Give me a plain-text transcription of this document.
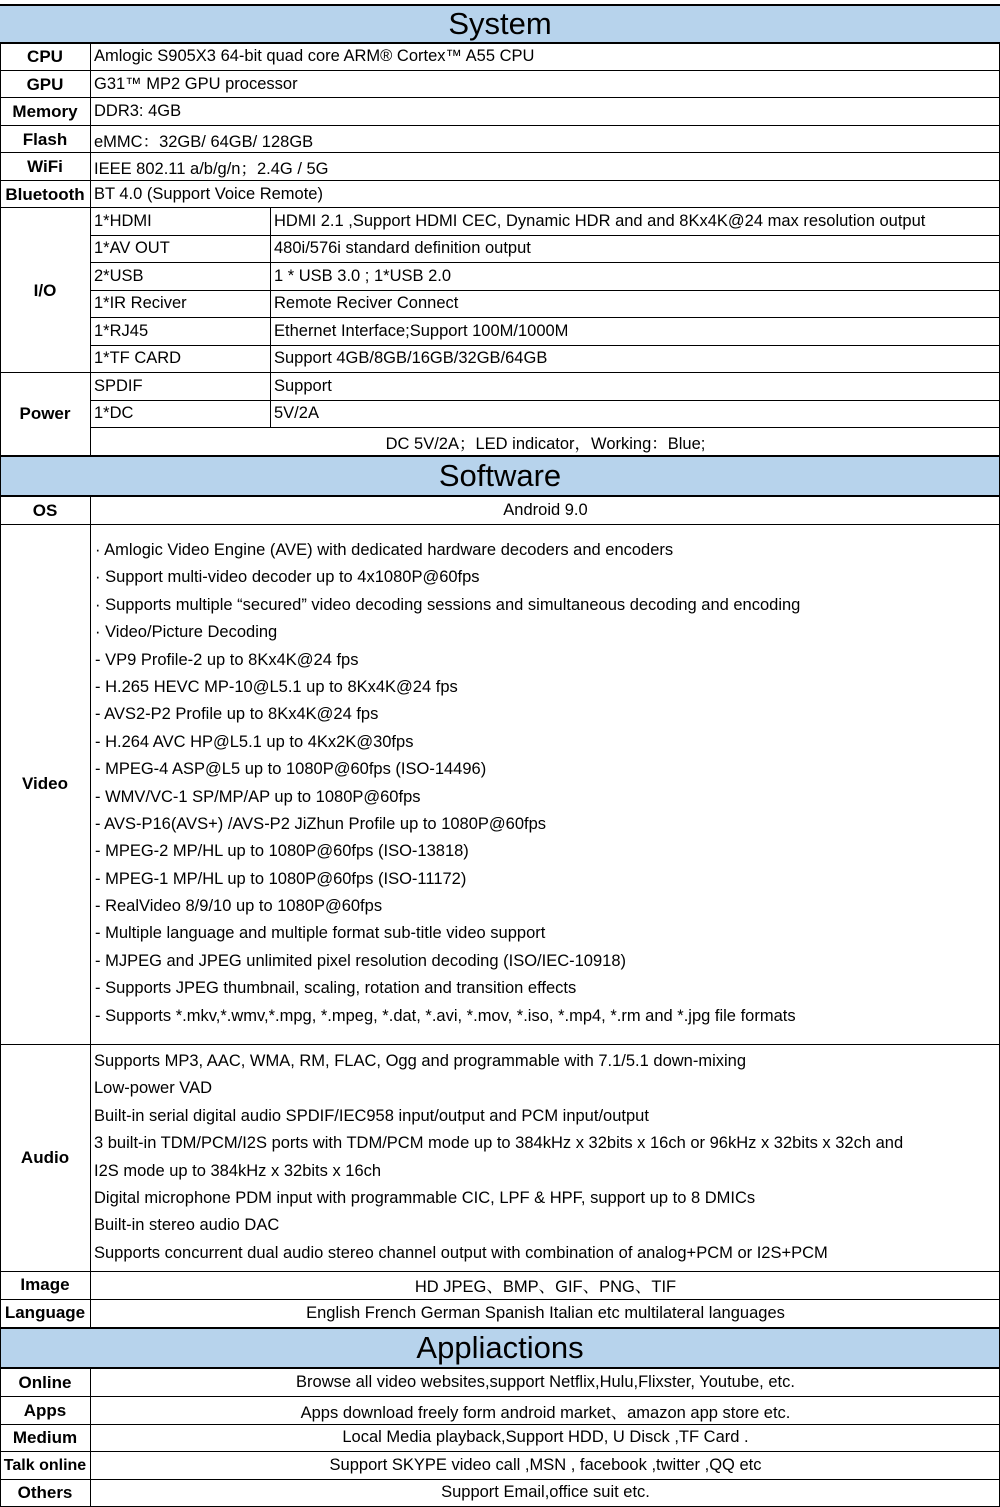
System
CPU	Amlogic S905X3 64-bit quad core ARM® Cortex™ A55 CPU
GPU	G31™ MP2 GPU processor
Memory DDR3: 4GB
Flash	eMMC：32GB/ 64GB/ 128GB
WiFi	IEEE 802.11 a/b/g/n；2.4G / 5G
Bluetooth BT 4.0 (Support Voice Remote)
I/O
1*HDMI	HDMI 2.1 ,Support HDMI CEC, Dynamic HDR and and 8Kx4K@24 max resolution output
1*AV OUT	480i/576i standard definition output
2*USB	1 * USB 3.0 ; 1*USB 2.0
1*IR Reciver	Remote Reciver Connect
1*RJ45	Ethernet Interface;Support 100M/1000M
1*TF CARD	Support 4GB/8GB/16GB/32GB/64GB
Power
SPDIF	Support
1*DC	5V/2A
DC 5V/2A；LED indicator，Working：Blue;
Software
OS	Android 9.0
Video
· Amlogic Video Engine (AVE) with dedicated hardware decoders and encoders
· Support multi-video decoder up to 4x1080P@60fps
· Supports multiple “secured” video decoding sessions and simultaneous decoding and encoding
· Video/Picture Decoding
- VP9 Profile-2 up to 8Kx4K@24 fps
- H.265 HEVC MP-10@L5.1 up to 8Kx4K@24 fps
- AVS2-P2 Profile up to 8Kx4K@24 fps
- H.264 AVC HP@L5.1 up to 4Kx2K@30fps
- MPEG-4 ASP@L5 up to 1080P@60fps (ISO-14496)
- WMV/VC-1 SP/MP/AP up to 1080P@60fps
- AVS-P16(AVS+) /AVS-P2 JiZhun Profile up to 1080P@60fps
- MPEG-2 MP/HL up to 1080P@60fps (ISO-13818)
- MPEG-1 MP/HL up to 1080P@60fps (ISO-11172)
- RealVideo 8/9/10 up to 1080P@60fps
- Multiple language and multiple format sub-title video support
- MJPEG and JPEG unlimited pixel resolution decoding (ISO/IEC-10918)
- Supports JPEG thumbnail, scaling, rotation and transition effects
- Supports *.mkv,*.wmv,*.mpg, *.mpeg, *.dat, *.avi, *.mov, *.iso, *.mp4, *.rm and *.jpg file formats
Audio
Supports MP3, AAC, WMA, RM, FLAC, Ogg and programmable with 7.1/5.1 down-mixing
Low-power VAD
Built-in serial digital audio SPDIF/IEC958 input/output and PCM input/output
3 built-in TDM/PCM/I2S ports with TDM/PCM mode up to 384kHz x 32bits x 16ch or 96kHz x 32bits x 32ch and
I2S mode up to 384kHz x 32bits x 16ch
Digital microphone PDM input with programmable CIC, LPF & HPF, support up to 8 DMICs
Built-in stereo audio DAC
Supports concurrent dual audio stereo channel output with combination of analog+PCM or I2S+PCM
Image	HD JPEG、BMP、GIF、PNG、TIF
Language	English French German Spanish Italian etc multilateral languages
Appliactions
Online	Browse all video websites,support Netflix,Hulu,Flixster, Youtube, etc.
Apps	Apps download freely form android market、amazon app store etc.
Medium	Local Media playback,Support HDD, U Disck ,TF Card .
Talk online	Support SKYPE video call ,MSN , facebook ,twitter ,QQ etc
Others	Support Email,office suit etc.
